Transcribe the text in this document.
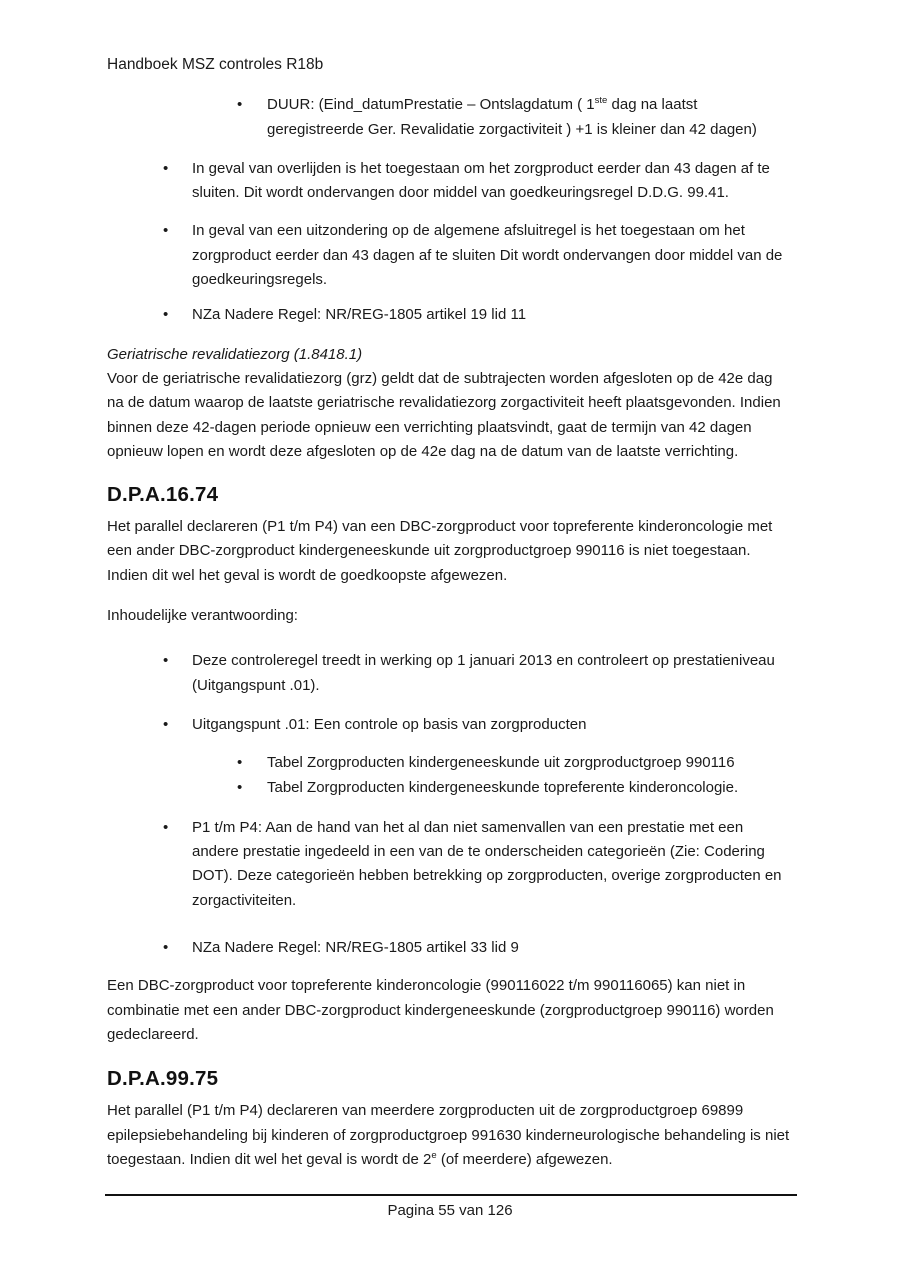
Handboek MSZ controles R18b
•	DUUR: (Eind_datumPrestatie – Ontslagdatum ( 1ste dag na laatst geregistreerde Ger. Revalidatie zorgactiviteit ) +1 is kleiner dan 42 dagen)
•	In geval van overlijden is het toegestaan om het zorgproduct eerder dan 43 dagen af te sluiten. Dit wordt ondervangen door middel van goedkeuringsregel D.D.G. 99.41.
•	In geval van een uitzondering op de algemene afsluitregel is het toegestaan om het zorgproduct eerder dan 43 dagen af te sluiten Dit wordt ondervangen door middel van de goedkeuringsregels.
•	NZa Nadere Regel: NR/REG-1805 artikel 19 lid 11

Geriatrische revalidatiezorg (1.8418.1)

Voor de geriatrische revalidatiezorg (grz) geldt dat de subtrajecten worden afgesloten op de 42e dag na de datum waarop de laatste geriatrische revalidatiezorg zorgactiviteit heeft plaatsgevonden. Indien binnen deze 42-dagen periode opnieuw een verrichting plaatsvindt, gaat de termijn van 42 dagen opnieuw lopen en wordt deze afgesloten op de 42e dag na de datum van de laatste verrichting.

D.P.A.16.74

Het parallel declareren (P1 t/m P4) van een DBC-zorgproduct voor topreferente kinderoncologie met een ander DBC-zorgproduct kindergeneeskunde uit zorgproductgroep 990116 is niet toegestaan. Indien dit wel het geval is wordt de goedkoopste afgewezen.

Inhoudelijke verantwoording:

•	Deze controleregel treedt in werking op 1 januari 2013 en controleert op prestatieniveau (Uitgangspunt .01).
•	Uitgangspunt .01: Een controle op basis van zorgproducten
•	Tabel Zorgproducten kindergeneeskunde uit zorgproductgroep 990116
•	Tabel Zorgproducten kindergeneeskunde topreferente kinderoncologie.
•	P1 t/m P4: Aan de hand van het al dan niet samenvallen van een prestatie met een andere prestatie ingedeeld in een van de te onderscheiden categorieën (Zie: Codering DOT). Deze categorieën hebben betrekking op zorgproducten, overige zorgproducten en zorgactiviteiten.
•	NZa Nadere Regel: NR/REG-1805 artikel 33 lid 9

Een DBC-zorgproduct voor topreferente kinderoncologie (990116022 t/m 990116065) kan niet in combinatie met een ander DBC-zorgproduct kindergeneeskunde (zorgproductgroep 990116) worden gedeclareerd.

D.P.A.99.75

Het parallel (P1 t/m P4) declareren van meerdere zorgproducten uit de zorgproductgroep 69899 epilepsiebehandeling bij kinderen of zorgproductgroep 991630 kinderneurologische behandeling is niet toegestaan. Indien dit wel het geval is wordt de 2e (of meerdere) afgewezen.

Pagina 55 van 126
